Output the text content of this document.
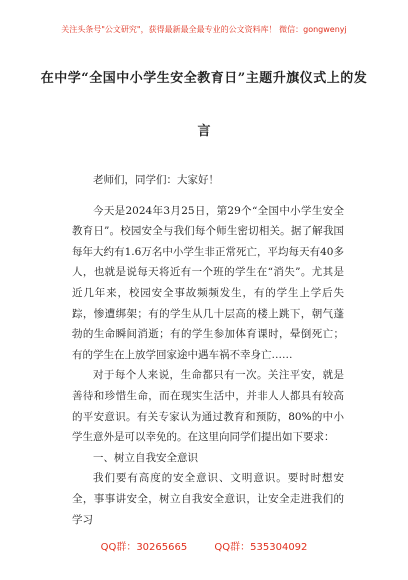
关注头条号"公文研究"，获得最新最全最专业的公文资料库！ 微信：gongwenyj
在中学“全国中小学生安全教育日”主题升旗仪式上的发
言

老师们，同学们：大家好！

今天是2024年3月25日，第29个“全国中小学生安全教育日”。校园安全与我们每个师生密切相关。据了解我国每年大约有1.6万名中小学生非正常死亡，平均每天有40多人，也就是说每天将近有一个班的学生在“消失”。尤其是近几年来，校园安全事故频频发生，有的学生上学后失踪，惨遭绑架；有的学生从几十层高的楼上跳下，朝气蓬勃的生命瞬间消逝；有的学生参加体育课时，晕倒死亡；有的学生在上放学回家途中遇车祸不幸身亡……

对于每个人来说，生命都只有一次。关注平安，就是善待和珍惜生命，而在现实生活中，并非人人都具有较高的平安意识。有关专家认为通过教育和预防，80%的中小学生意外是可以幸免的。在这里向同学们提出如下要求：

一、树立自我安全意识

我们要有高度的安全意识、文明意识。要时时想安全，事事讲安全，树立自我安全意识，让安全走进我们的学习

QQ群：30265665	QQ群：535304092
